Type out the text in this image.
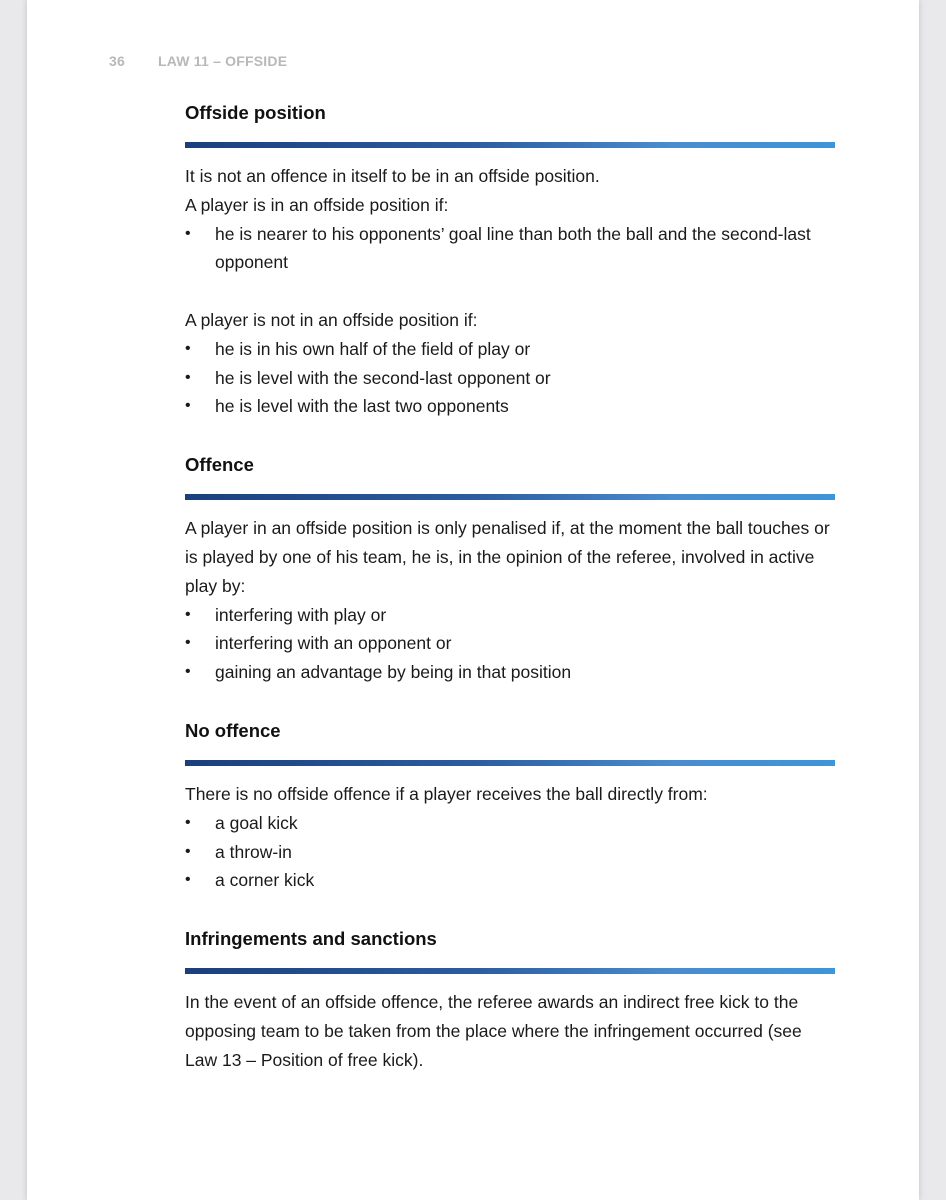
36 LAW 11 – OFFSIDE
Offside position

It is not an offence in itself to be in an offside position.

A player is in an offside position if:

• he is nearer to his opponents’ goal line than both the ball and the second-last opponent

A player is not in an offside position if:

• he is in his own half of the field of play or
• he is level with the second-last opponent or
• he is level with the last two opponents
Offence

A player in an offside position is only penalised if, at the moment the ball touches or is played by one of his team, he is, in the opinion of the referee, involved in active play by:

• interfering with play or
• interfering with an opponent or
• gaining an advantage by being in that position
No offence

There is no offside offence if a player receives the ball directly from:

• a goal kick
• a throw-in
• a corner kick
Infringements and sanctions

In the event of an offside offence, the referee awards an indirect free kick to the opposing team to be taken from the place where the infringement occurred (see Law 13 – Position of free kick).
